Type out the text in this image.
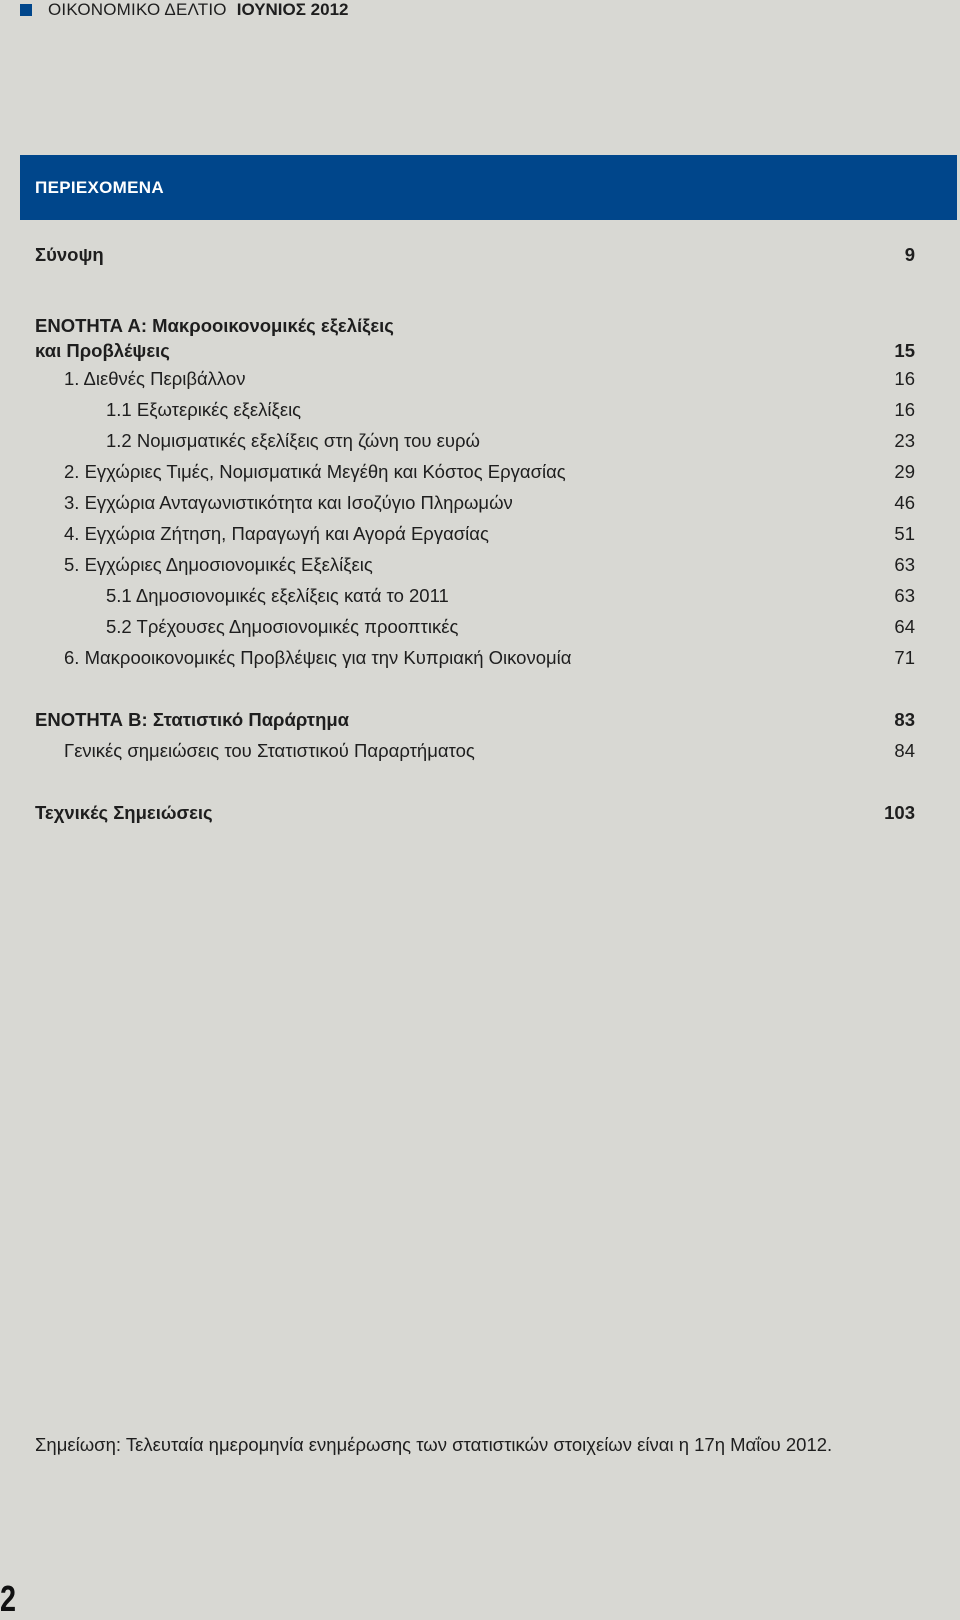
ΟΙΚΟΝΟΜΙΚΟ ΔΕΛΤΙΟ ΙΟΥΝΙΟΣ 2012
ΠΕΡΙΕΧΟΜΕΝΑ
Σύνοψη	9
ΕΝΟΤΗΤΑ Α: Μακροοικονομικές εξελίξεις
και Προβλέψεις	15
1. Διεθνές Περιβάλλον	16
1.1 Εξωτερικές εξελίξεις	16
1.2 Νομισματικές εξελίξεις στη ζώνη του ευρώ	23
2. Εγχώριες Τιμές, Νομισματικά Μεγέθη και Κόστος Εργασίας	29
3. Εγχώρια Ανταγωνιστικότητα και Ισοζύγιο Πληρωμών	46
4. Εγχώρια Ζήτηση, Παραγωγή και Αγορά Εργασίας	51
5. Εγχώριες Δημοσιονομικές Εξελίξεις	63
5.1 Δημοσιονομικές εξελίξεις κατά το 2011	63
5.2 Τρέχουσες Δημοσιονομικές προοπτικές	64
6. Μακροοικονομικές Προβλέψεις για την Κυπριακή Οικονομία	71
ΕΝΟΤΗΤΑ Β: Στατιστικό Παράρτημα	83
Γενικές σημειώσεις του Στατιστικού Παραρτήματος	84
Τεχνικές Σημειώσεις	103
Σημείωση: Τελευταία ημερομηνία ενημέρωσης των στατιστικών στοιχείων είναι η 17η Μαΐου 2012.
2
